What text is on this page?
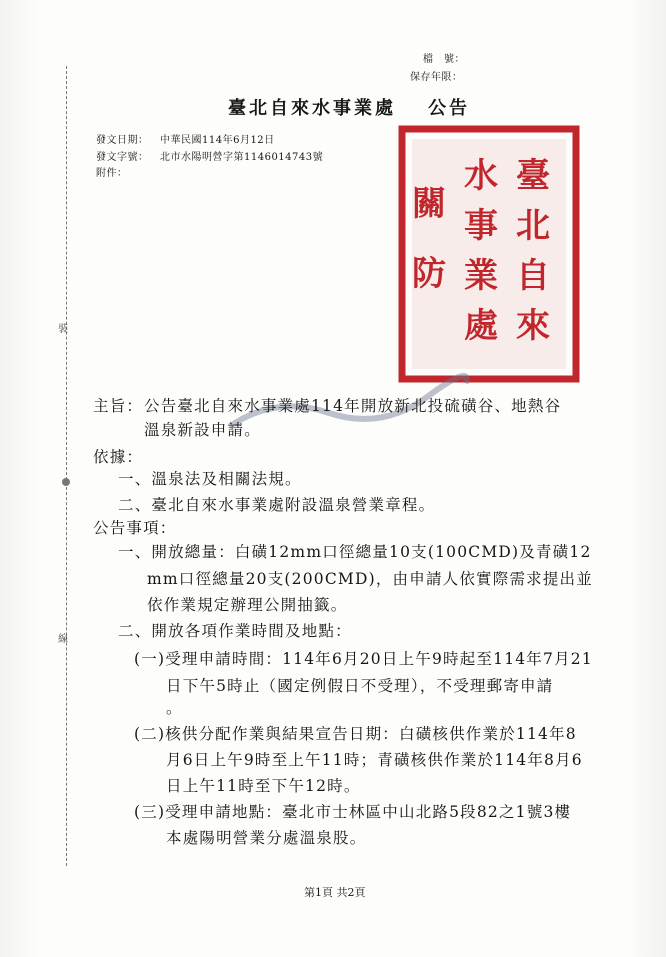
裝
線
檔　號：
保存年限：
臺北自來水事業處 公告
發文日期： 中華民國114年6月12日
發文字號： 北市水陽明營字第1146014743號
附件：	臺
北
自
來
水
事
業
處
關
防
主旨： 公告臺北自來水事業處114年開放新北投硫磺谷、地熱谷
溫泉新設申請。
依據：
一、溫泉法及相關法規。
二、臺北自來水事業處附設溫泉營業章程。
公告事項：
一、開放總量：白磺12mm口徑總量10支(100CMD)及青磺12
mm口徑總量20支(200CMD)，由申請人依實際需求提出並
依作業規定辦理公開抽籤。
二、開放各項作業時間及地點：
(一)受理申請時間：114年6月20日上午9時起至114年7月21
日下午5時止（國定例假日不受理），不受理郵寄申請
。
(二)核供分配作業與結果宣告日期：白磺核供作業於114年8
月6日上午9時至上午11時；青磺核供作業於114年8月6
日上午11時至下午12時。
(三)受理申請地點：臺北市士林區中山北路5段82之1號3樓
本處陽明營業分處溫泉股。
第1頁 共2頁
